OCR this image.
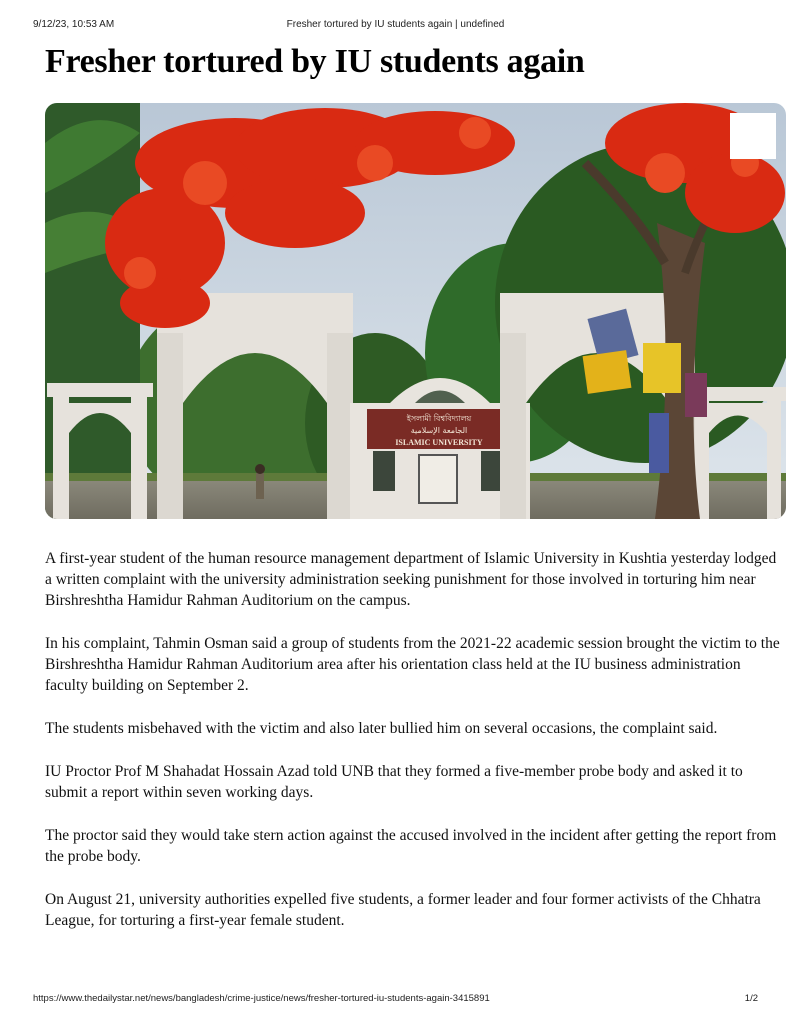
9/12/23, 10:53 AM	Fresher tortured by IU students again | undefined
Fresher tortured by IU students again
ইসলামী বিশ্ববিদ্যালয়
الجامعة الإسلامية
ISLAMIC UNIVERSITY

A first-year student of the human resource management department of Islamic University in Kushtia yesterday lodged a written complaint with the university administration seeking punishment for those involved in torturing him near Birshreshtha Hamidur Rahman Auditorium on the campus.

In his complaint, Tahmin Osman said a group of students from the 2021-22 academic session brought the victim to the Birshreshtha Hamidur Rahman Auditorium area after his orientation class held at the IU business administration faculty building on September 2.

The students misbehaved with the victim and also later bullied him on several occasions, the complaint said.

IU Proctor Prof M Shahadat Hossain Azad told UNB that they formed a five-member probe body and asked it to submit a report within seven working days.

The proctor said they would take stern action against the accused involved in the incident after getting the report from the probe body.

On August 21, university authorities expelled five students, a former leader and four former activists of the Chhatra League, for torturing a first-year female student.

https://www.thedailystar.net/news/bangladesh/crime-justice/news/fresher-tortured-iu-students-again-3415891	1/2
